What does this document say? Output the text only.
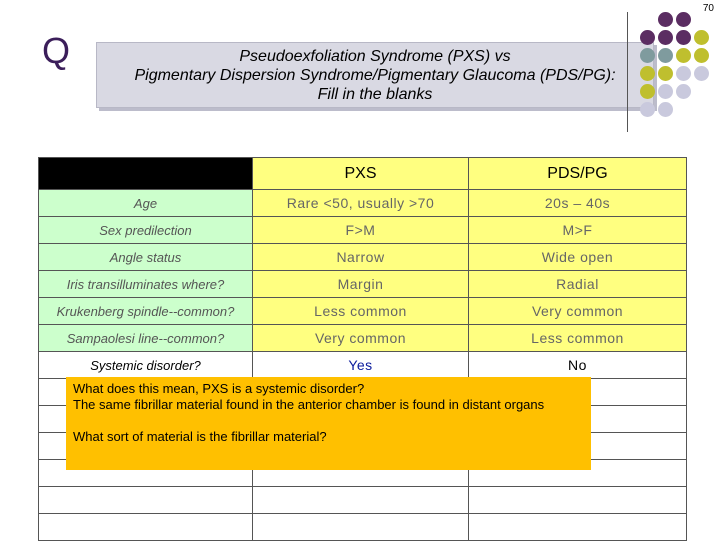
70
Q	Pseudoexfoliation Syndrome (PXS) vs
Pigmentary Dispersion Syndrome/Pigmentary Glaucoma (PDS/PG):
Fill in the blanks
	PXS	PDS/PG
Age	Rare <50, usually >70	20s – 40s
Sex predilection	F>M	M>F
Angle status	Narrow	Wide open
Iris transilluminates where?	Margin	Radial
Krukenberg spindle--common?	Less common	Very common
Sampaolesi line--common?	Very common	Less common
Systemic disorder?	Yes	No

What does this mean, PXS is a systemic disorder?

The same fibrillar material found in the anterior chamber is found in distant organs

What sort of material is the fibrillar material?
